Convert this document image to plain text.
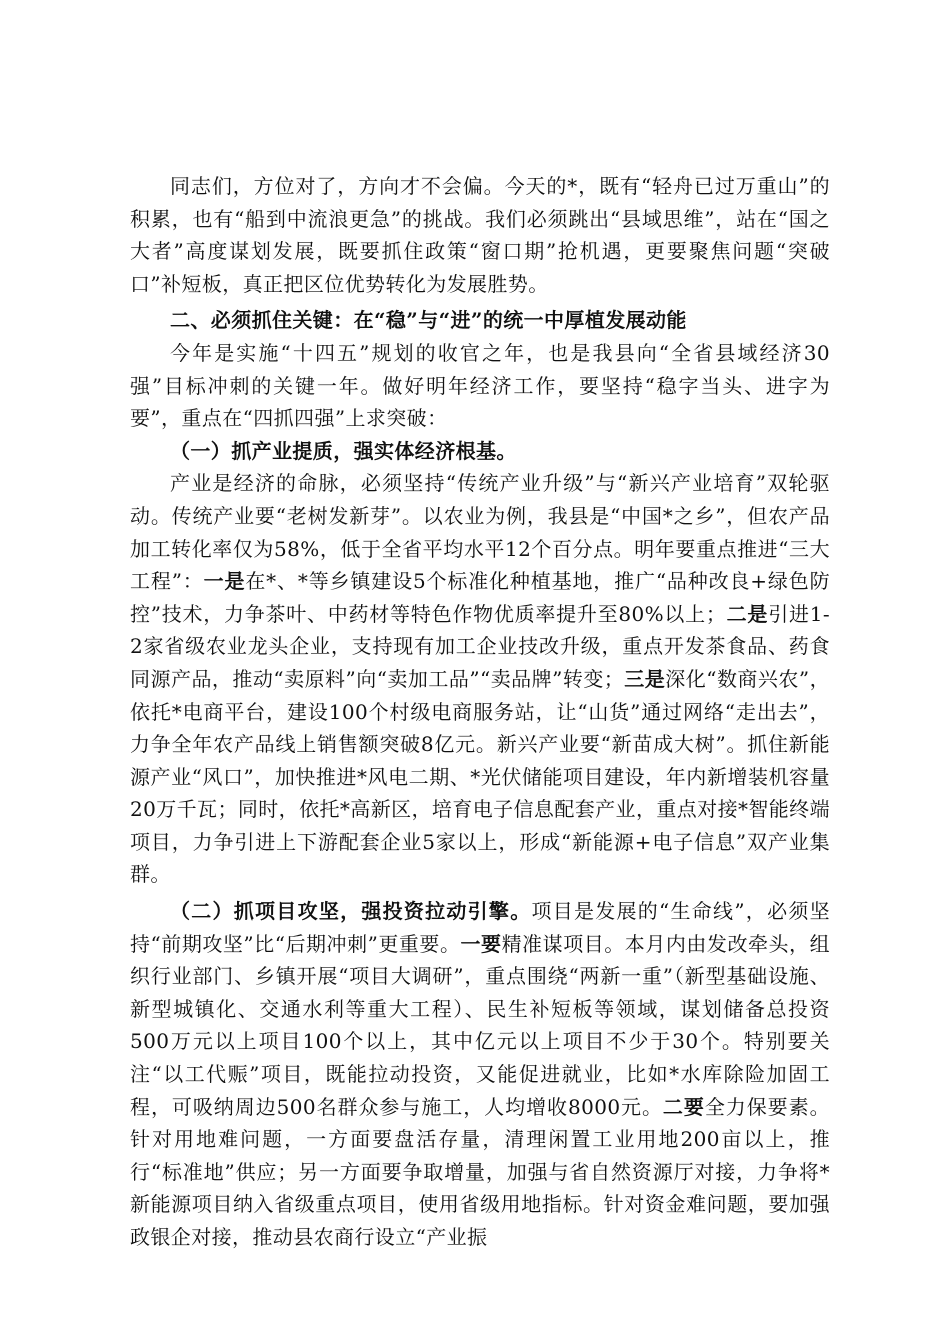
同志们，方位对了，方向才不会偏。今天的*，既有“轻舟已过万重山”的积累，也有“船到中流浪更急”的挑战。我们必须跳出“县域思维”，站在“国之大者”高度谋划发展，既要抓住政策“窗口期”抢机遇，更要聚焦问题“突破口”补短板，真正把区位优势转化为发展胜势。

二、必须抓住关键：在“稳”与“进”的统一中厚植发展动能

今年是实施“十四五”规划的收官之年，也是我县向“全省县域经济30强”目标冲刺的关键一年。做好明年经济工作，要坚持“稳字当头、进字为要”，重点在“四抓四强”上求突破：

（一）抓产业提质，强实体经济根基。

产业是经济的命脉，必须坚持“传统产业升级”与“新兴产业培育”双轮驱动。传统产业要“老树发新芽”。以农业为例，我县是“中国*之乡”，但农产品加工转化率仅为58%，低于全省平均水平12个百分点。明年要重点推进“三大工程”：一是在*、*等乡镇建设5个标准化种植基地，推广“品种改良+绿色防控”技术，力争茶叶、中药材等特色作物优质率提升至80%以上；二是引进1-2家省级农业龙头企业，支持现有加工企业技改升级，重点开发茶食品、药食同源产品，推动“卖原料”向“卖加工品”“卖品牌”转变；三是深化“数商兴农”，依托*电商平台，建设100个村级电商服务站，让“山货”通过网络“走出去”，力争全年农产品线上销售额突破8亿元。新兴产业要“新苗成大树”。抓住新能源产业“风口”，加快推进*风电二期、*光伏储能项目建设，年内新增装机容量20万千瓦；同时，依托*高新区，培育电子信息配套产业，重点对接*智能终端项目，力争引进上下游配套企业5家以上，形成“新能源+电子信息”双产业集群。

（二）抓项目攻坚，强投资拉动引擎。项目是发展的“生命线”，必须坚持“前期攻坚”比“后期冲刺”更重要。一要精准谋项目。本月内由发改牵头，组织行业部门、乡镇开展“项目大调研”，重点围绕“两新一重”（新型基础设施、新型城镇化、交通水利等重大工程）、民生补短板等领域，谋划储备总投资500万元以上项目100个以上，其中亿元以上项目不少于30个。特别要关注“以工代赈”项目，既能拉动投资，又能促进就业，比如*水库除险加固工程，可吸纳周边500名群众参与施工，人均增收8000元。二要全力保要素。针对用地难问题，一方面要盘活存量，清理闲置工业用地200亩以上，推行“标准地”供应；另一方面要争取增量，加强与省自然资源厅对接，力争将*新能源项目纳入省级重点项目，使用省级用地指标。针对资金难问题，要加强政银企对接，推动县农商行设立“产业振
